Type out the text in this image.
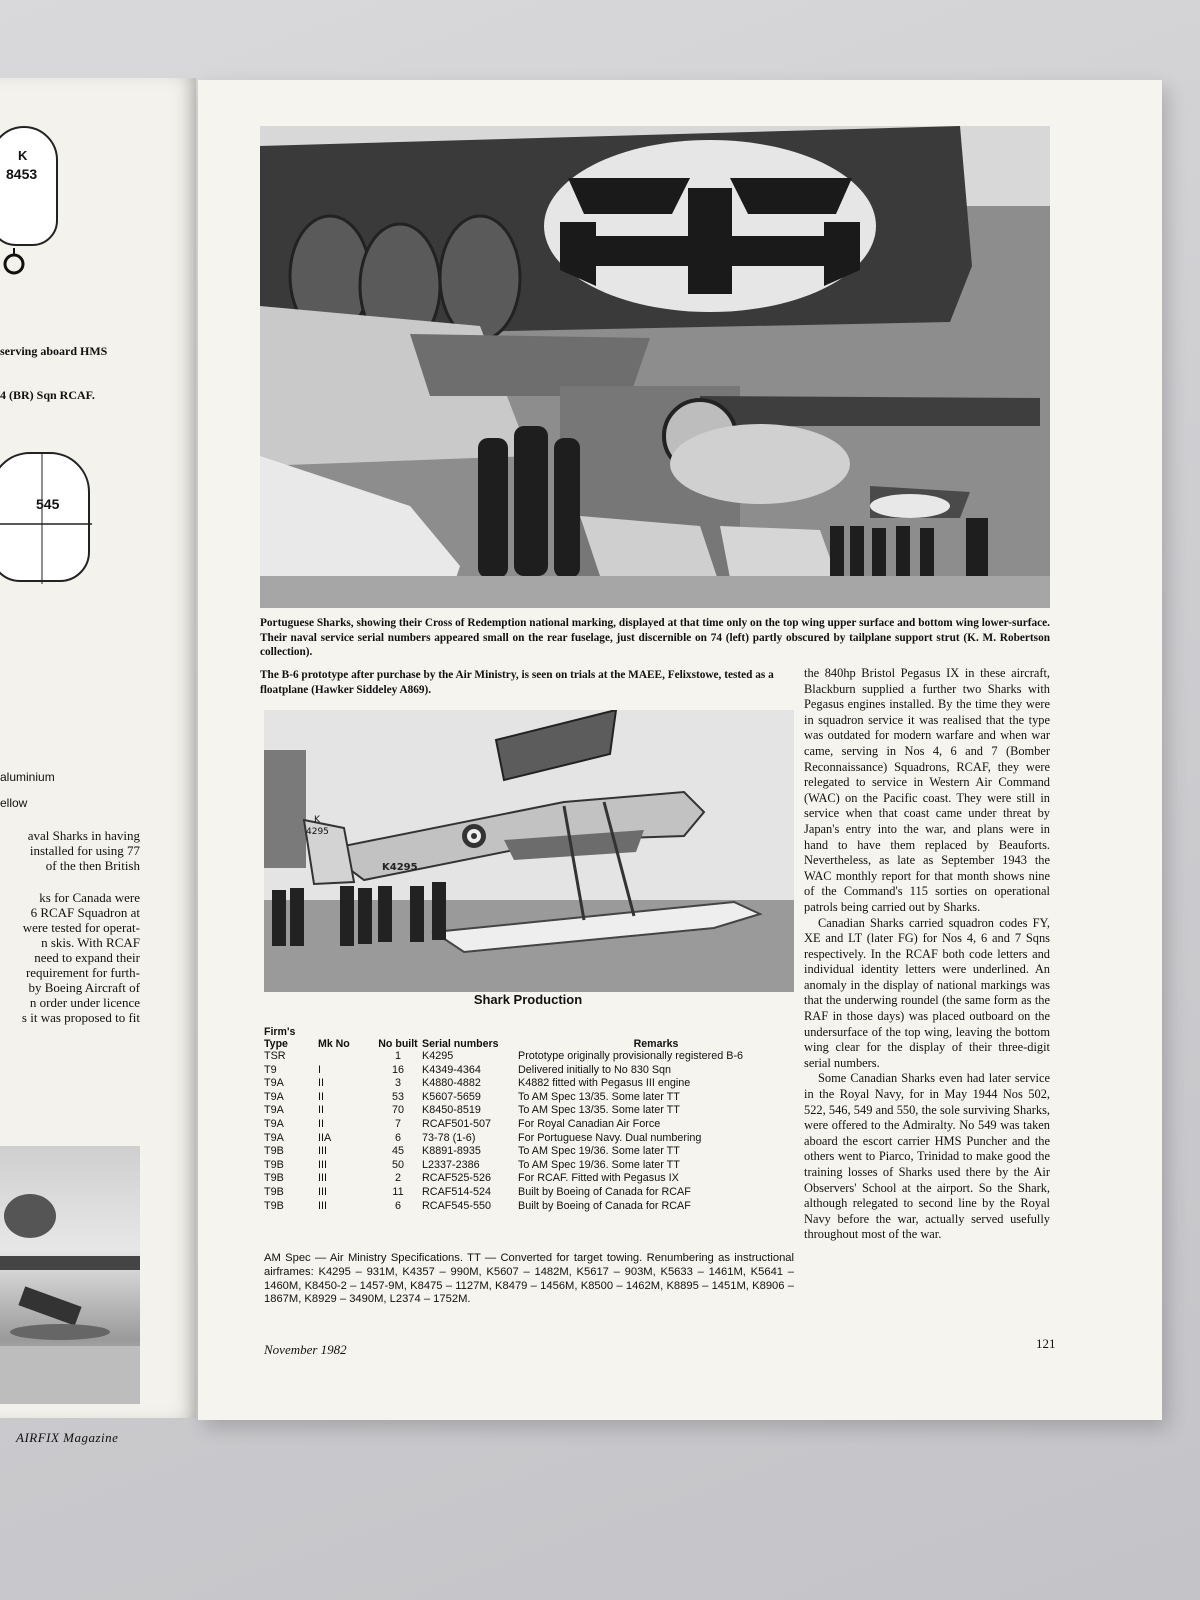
K
8453
545
serving aboard HMS
4 (BR) Sqn RCAF.
aluminium
ellow
aval Sharks in having
installed for using 77
of the then British
ks for Canada were
6 RCAF Squadron at
were tested for operat-
n skis. With RCAF
need to expand their
requirement for furth-
by Boeing Aircraft of
n order under licence
s it was proposed to fit
AIRFIX Magazine

Portuguese Sharks, showing their Cross of Redemption national marking, displayed at that time only on the top wing upper surface and bottom wing lower-surface. Their naval service serial numbers appeared small on the rear fuselage, just discernible on 74 (left) partly obscured by tailplane support strut (K. M. Robertson collection).

The B-6 prototype after purchase by the Air Ministry, is seen on trials at the MAEE, Felixstowe, tested as a floatplane (Hawker Siddeley A869).

K
4295
K4295

the 840hp Bristol Pegasus IX in these aircraft, Blackburn supplied a further two Sharks with Pegasus engines installed. By the time they were in squadron service it was realised that the type was outdated for modern warfare and when war came, serving in Nos 4, 6 and 7 (Bomber Reconnaissance) Squadrons, RCAF, they were relegated to service in Western Air Command (WAC) on the Pacific coast. They were still in service when that coast came under threat by Japan's entry into the war, and plans were in hand to have them replaced by Beauforts. Nevertheless, as late as September 1943 the WAC monthly report for that month shows nine of the Command's 115 sorties on operational patrols being carried out by Sharks.

Canadian Sharks carried squadron codes FY, XE and LT (later FG) for Nos 4, 6 and 7 Sqns respectively. In the RCAF both code letters and individual identity letters were underlined. An anomaly in the display of national markings was that the underwing roundel (the same form as the RAF in those days) was placed outboard on the undersurface of the top wing, leaving the bottom wing clear for the display of their three-digit serial numbers.

Some Canadian Sharks even had later service in the Royal Navy, for in May 1944 Nos 502, 522, 546, 549 and 550, the sole surviving Sharks, were offered to the Admiralty. No 549 was taken aboard the escort carrier HMS Puncher and the others went to Piarco, Trinidad to make good the training losses of Sharks used there by the Air Observers' School at the airport. So the Shark, although relegated to second line by the Royal Navy before the war, actually served usefully throughout most of the war.

Shark Production
Firm's Type	Mk No	No built	Serial numbers	Remarks
TSR		1	K4295	Prototype originally provisionally registered B-6
T9	I	16	K4349-4364	Delivered initially to No 830 Sqn
T9A	II	3	K4880-4882	K4882 fitted with Pegasus III engine
T9A	II	53	K5607-5659	To AM Spec 13/35. Some later TT
T9A	II	70	K8450-8519	To AM Spec 13/35. Some later TT
T9A	II	7	RCAF501-507	For Royal Canadian Air Force
T9A	IIA	6	73-78 (1-6)	For Portuguese Navy. Dual numbering
T9B	III	45	K8891-8935	To AM Spec 19/36. Some later TT
T9B	III	50	L2337-2386	To AM Spec 19/36. Some later TT
T9B	III	2	RCAF525-526	For RCAF. Fitted with Pegasus IX
T9B	III	11	RCAF514-524	Built by Boeing of Canada for RCAF
T9B	III	6	RCAF545-550	Built by Boeing of Canada for RCAF

AM Spec — Air Ministry Specifications. TT — Converted for target towing. Renumbering as instructional airframes: K4295 – 931M, K4357 – 990M, K5607 – 1482M, K5617 – 903M, K5633 – 1461M, K5641 – 1460M, K8450-2 – 1457-9M, K8475 – 1127M, K8479 – 1456M, K8500 – 1462M, K8895 – 1451M, K8906 – 1867M, K8929 – 3490M, L2374 – 1752M.

November 1982	121
